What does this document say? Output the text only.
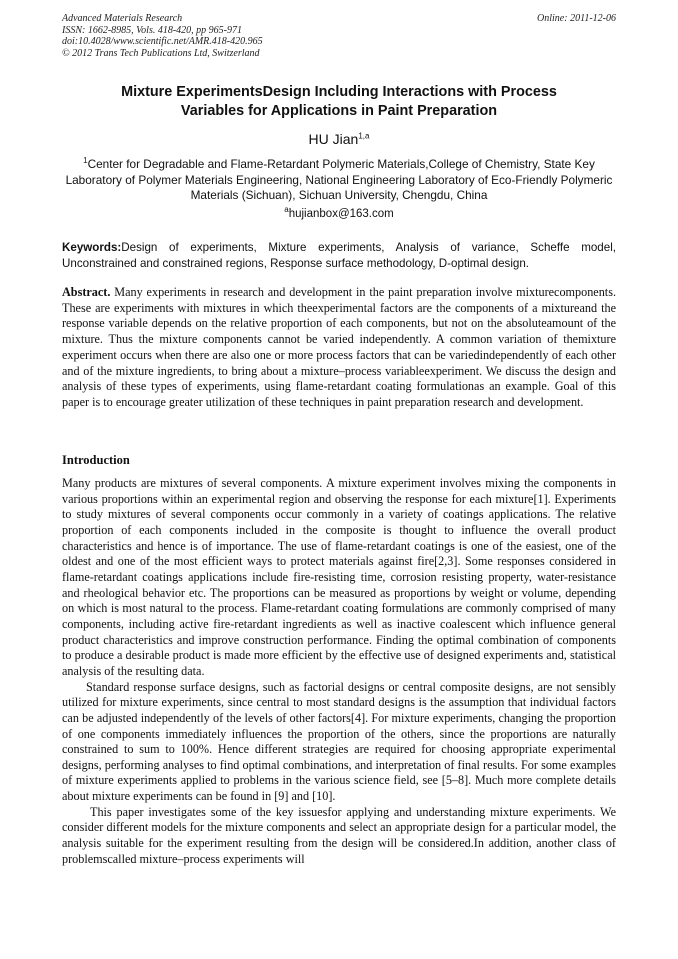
Advanced Materials Research
ISSN: 1662-8985, Vols. 418-420, pp 965-971
doi:10.4028/www.scientific.net/AMR.418-420.965
© 2012 Trans Tech Publications Ltd, Switzerland
Online: 2011-12-06
Mixture ExperimentsDesign Including Interactions with Process
Variables for Applications in Paint Preparation
HU Jian$^{1,a}$
$^1$Center for Degradable and Flame-Retardant Polymeric Materials,College of Chemistry, State Key Laboratory of Polymer Materials Engineering, National Engineering Laboratory of Eco-Friendly Polymeric Materials (Sichuan), Sichuan University, Chengdu, China
$^a$hujianbox@163.com
Keywords:Design of experiments, Mixture experiments, Analysis of variance, Scheffe model, Unconstrained and constrained regions, Response surface methodology, D-optimal design.
Abstract. Many experiments in research and development in the paint preparation involve mixturecomponents. These are experiments with mixtures in which theexperimental factors are the components of a mixtureand the response variable depends on the relative proportion of each components, but not on the absoluteamount of the mixture. Thus the mixture components cannot be varied independently. A common variation of themixture experiment occurs when there are also one or more process factors that can be variedindependently of each other and of the mixture ingredients, to bring about a mixture–process variableexperiment. We discuss the design and analysis of these types of experiments, using flame-retardant coating formulationas an example. Goal of this paper is to encourage greater utilization of these techniques in paint preparation research and development.
Introduction

Many products are mixtures of several components. A mixture experiment involves mixing the components in various proportions within an experimental region and observing the response for each mixture[1]. Experiments to study mixtures of several components occur commonly in a variety of coatings applications. The relative proportion of each components included in the composite is thought to influence the overall product characteristics and hence is of importance. The use of flame-retardant coatings is one of the easiest, one of the oldest and one of the most efficient ways to protect materials against fire[2,3]. Some responses considered in flame-retardant coatings applications include fire-resisting time, corrosion resisting property, water-resistance and rheological behavior etc. The proportions can be measured as proportions by weight or volume, depending on which is most natural to the process. Flame-retardant coating formulations are commonly comprised of many components, including active fire-retardant ingredients as well as inactive coalescent which influence general product characteristics and improve construction performance. Finding the optimal combination of components to produce a desirable product is made more efficient by the effective use of designed experiments and, statistical analysis of the resulting data.

Standard response surface designs, such as factorial designs or central composite designs, are not sensibly utilized for mixture experiments, since central to most standard designs is the assumption that individual factors can be adjusted independently of the levels of other factors[4]. For mixture experiments, changing the proportion of one components immediately influences the proportion of the others, since the proportions are naturally constrained to sum to 100%. Hence different strategies are required for choosing appropriate experimental designs, performing analyses to find optimal combinations, and interpretation of final results. For some examples of mixture experiments applied to problems in the various science field, see [5–8]. Much more complete details about mixture experiments can be found in [9] and [10].

This paper investigates some of the key issuesfor applying and understanding mixture experiments. We consider different models for the mixture components and select an appropriate design for a particular model, the analysis suitable for the experiment resulting from the design will be considered.In addition, another class of problemscalled mixture–process experiments will
